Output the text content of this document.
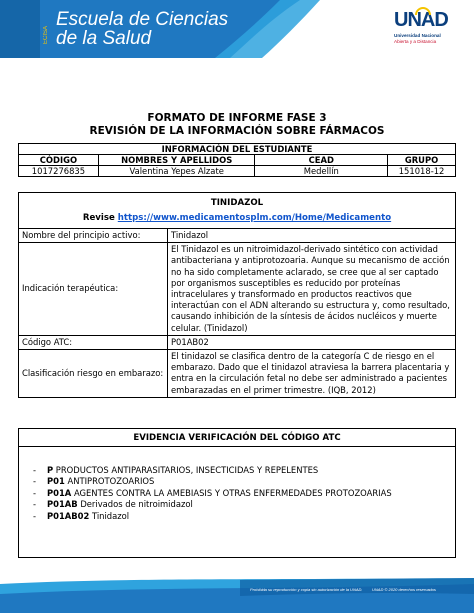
ECISA
Escuela de Ciencias
de la Salud
UNAD
Universidad Nacional
Abierta y a Distancia
FORMATO DE INFORME FASE 3
REVISIÓN DE LA INFORMACIÓN SOBRE FÁRMACOS
INFORMACIÓN DEL ESTUDIANTE			
CÓDIGO	NOMBRES Y APELLIDOS	CEAD	GRUPO
1017276835	Valentina Yepes Alzate	Medellín	151018-12
TINIDAZOL
Revise https://www.medicamentosplm.com/Home/Medicamento
Nombre del principio activo:	Tinidazol
Indicación terapéutica:	El Tinidazol es un nitroimidazol-derivado sintético con actividad antibacteriana y antiprotozoaria. Aunque su mecanismo de acción no ha sido completamente aclarado, se cree que al ser captado por organismos susceptibles es reducido por proteínas intracelulares y transformado en productos reactivos que interactúan con el ADN alterando su estructura y, como resultado, causando inhibición de la síntesis de ácidos nucléicos y muerte celular. (Tinidazol)
Código ATC:	P01AB02
Clasificación riesgo en embarazo:	El tinidazol se clasifica dentro de la categoría C de riesgo en el embarazo. Dado que el tinidazol atraviesa la barrera placentaria y entra en la circulación fetal no debe ser administrado a pacientes embarazadas en el primer trimestre. (IQB, 2012)
EVIDENCIA VERIFICACIÓN DEL CÓDIGO ATC
- P PRODUCTOS ANTIPARASITARIOS, INSECTICIDAS Y REPELENTES
- P01 ANTIPROTOZOARIOS
- P01A AGENTES CONTRA LA AMEBIASIS Y OTRAS ENFERMEDADES PROTOZOARIAS
- P01AB Derivados de nitroimidazol
- P01AB02 Tinidazol
Prohibida su reproducción y copia sin autorización de la UNAD. UNAD © 2020 derechos reservados
